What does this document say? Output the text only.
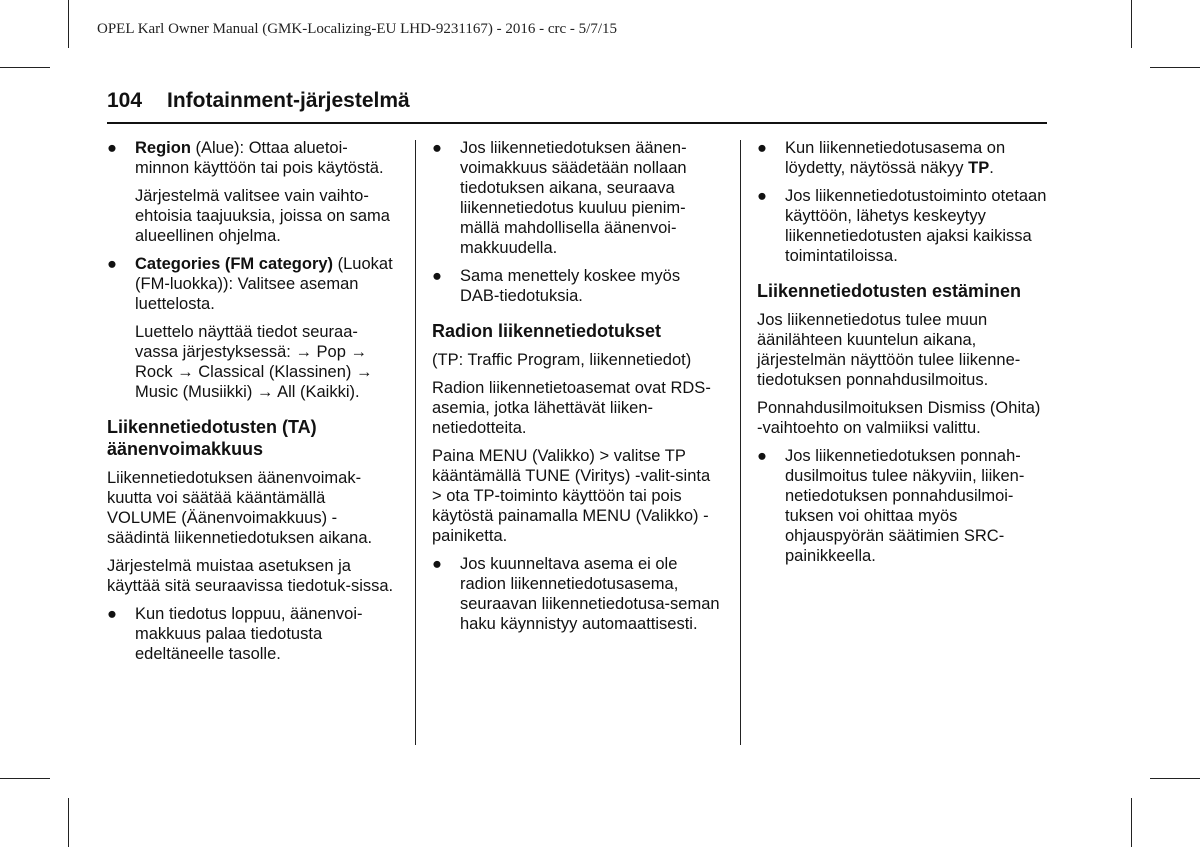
OPEL Karl Owner Manual (GMK-Localizing-EU LHD-9231167) - 2016 - crc - 5/7/15
104 Infotainment-järjestelmä
● Region (Alue): Ottaa aluetoi-minnon käyttöön tai pois käytöstä.

Järjestelmä valitsee vain vaihto-ehtoisia taajuuksia, joissa on sama alueellinen ohjelma.

● Categories (FM category) (Luokat (FM-luokka)): Valitsee aseman luettelosta.

Luettelo näyttää tiedot seuraa-vassa järjestyksessä: → Pop → Rock → Classical (Klassinen) → Music (Musiikki) → All (Kaikki).

Liikennetiedotusten (TA) äänenvoimakkuus

Liikennetiedotuksen äänenvoimak-kuutta voi säätää kääntämällä VOLUME (Äänenvoimakkuus) -säädintä liikennetiedotuksen aikana.

Järjestelmä muistaa asetuksen ja käyttää sitä seuraavissa tiedotuk-sissa.

● Kun tiedotus loppuu, äänenvoi-makkuus palaa tiedotusta edeltäneelle tasolle.

● Jos liikennetiedotuksen äänen-voimakkuus säädetään nollaan tiedotuksen aikana, seuraava liikennetiedotus kuuluu pienim-mällä mahdollisella äänenvoi-makkuudella.

● Sama menettely koskee myös DAB-tiedotuksia.

Radion liikennetiedotukset

(TP: Traffic Program, liikennetiedot)

Radion liikennetietoasemat ovat RDS-asemia, jotka lähettävät liiken-netiedotteita.

Paina MENU (Valikko) > valitse TP kääntämällä TUNE (Viritys) -valit-sinta > ota TP-toiminto käyttöön tai pois käytöstä painamalla MENU (Valikko) -painiketta.

● Jos kuunneltava asema ei ole radion liikennetiedotusasema, seuraavan liikennetiedotusa-seman haku käynnistyy automaattisesti.

● Kun liikennetiedotusasema on löydetty, näytössä näkyy TP.

● Jos liikennetiedotustoiminto otetaan käyttöön, lähetys keskeytyy liikennetiedotusten ajaksi kaikissa toimintatiloissa.

Liikennetiedotusten estäminen

Jos liikennetiedotus tulee muun äänilähteen kuuntelun aikana, järjestelmän näyttöön tulee liikenne-tiedotuksen ponnahdusilmoitus.

Ponnahdusilmoituksen Dismiss (Ohita) -vaihtoehto on valmiiksi valittu.

● Jos liikennetiedotuksen ponnah-dusilmoitus tulee näkyviin, liiken-netiedotuksen ponnahdusilmoi-tuksen voi ohittaa myös ohjauspyörän säätimien SRC-painikkeella.
